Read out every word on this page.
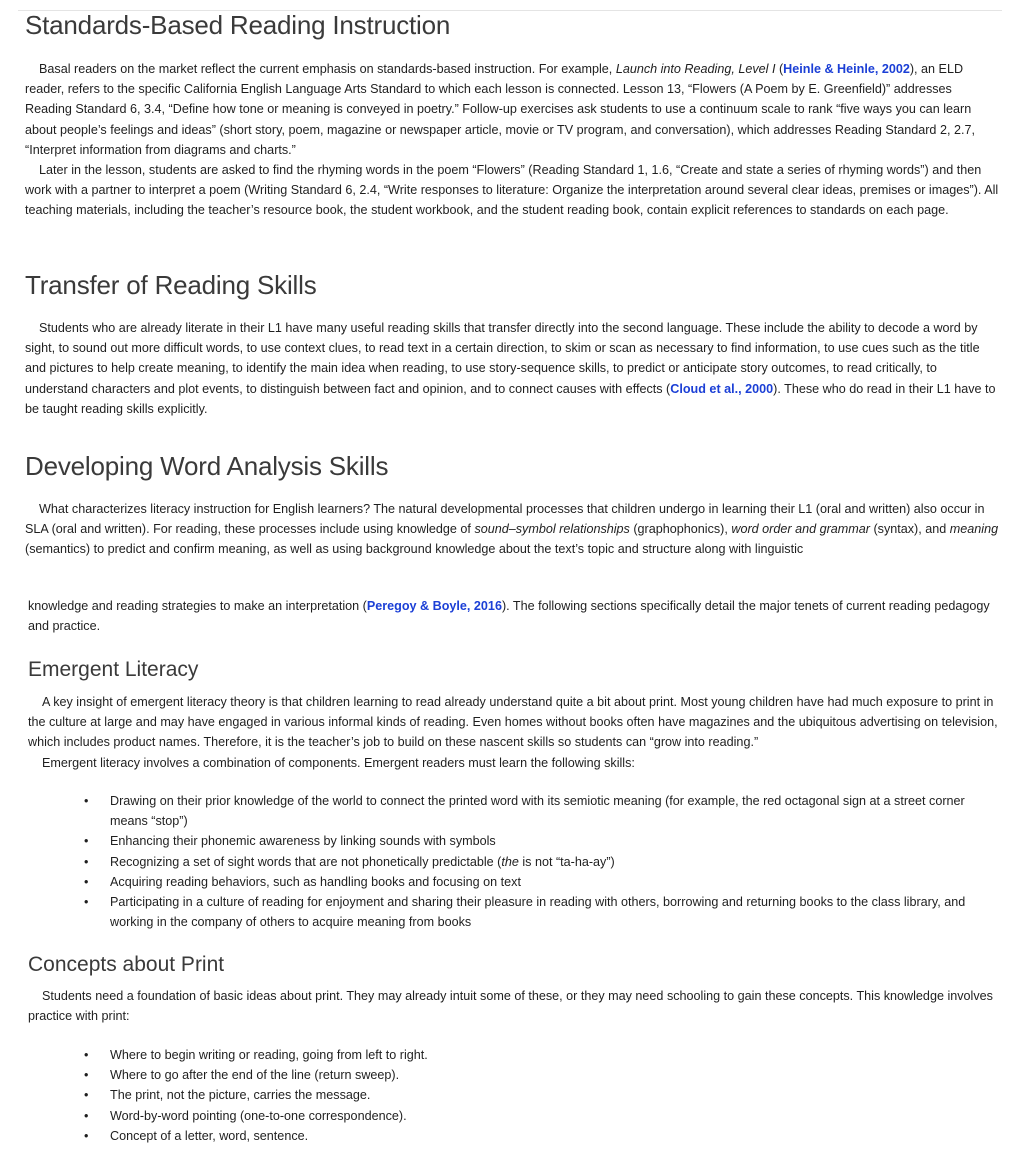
Standards-Based Reading Instruction

Basal readers on the market reflect the current emphasis on standards-based instruction. For example, Launch into Reading, Level I (Heinle & Heinle, 2002), an ELD reader, refers to the specific California English Language Arts Standard to which each lesson is connected. Lesson 13, “Flowers (A Poem by E. Greenfield)” addresses Reading Standard 6, 3.4, “Define how tone or meaning is conveyed in poetry.” Follow-up exercises ask students to use a continuum scale to rank “five ways you can learn about people’s feelings and ideas” (short story, poem, magazine or newspaper article, movie or TV program, and conversation), which addresses Reading Standard 2, 2.7, “Interpret information from diagrams and charts.”

Later in the lesson, students are asked to find the rhyming words in the poem “Flowers” (Reading Standard 1, 1.6, “Create and state a series of rhyming words”) and then work with a partner to interpret a poem (Writing Standard 6, 2.4, “Write responses to literature: Organize the interpretation around several clear ideas, premises or images”). All teaching materials, including the teacher’s resource book, the student workbook, and the student reading book, contain explicit references to standards on each page.

Transfer of Reading Skills

Students who are already literate in their L1 have many useful reading skills that transfer directly into the second language. These include the ability to decode a word by sight, to sound out more difficult words, to use context clues, to read text in a certain direction, to skim or scan as necessary to find information, to use cues such as the title and pictures to help create meaning, to identify the main idea when reading, to use story-sequence skills, to predict or anticipate story outcomes, to read critically, to understand characters and plot events, to distinguish between fact and opinion, and to connect causes with effects (Cloud et al., 2000). These who do read in their L1 have to be taught reading skills explicitly.

Developing Word Analysis Skills

What characterizes literacy instruction for English learners? The natural developmental processes that children undergo in learning their L1 (oral and written) also occur in SLA (oral and written). For reading, these processes include using knowledge of sound–symbol relationships (graphophonics), word order and grammar (syntax), and meaning (semantics) to predict and confirm meaning, as well as using background knowledge about the text’s topic and structure along with linguistic

knowledge and reading strategies to make an interpretation (Peregoy & Boyle, 2016). The following sections specifically detail the major tenets of current reading pedagogy and practice.

Emergent Literacy

A key insight of emergent literacy theory is that children learning to read already understand quite a bit about print. Most young children have had much exposure to print in the culture at large and may have engaged in various informal kinds of reading. Even homes without books often have magazines and the ubiquitous advertising on television, which includes product names. Therefore, it is the teacher’s job to build on these nascent skills so students can “grow into reading.”

Emergent literacy involves a combination of components. Emergent readers must learn the following skills:

• Drawing on their prior knowledge of the world to connect the printed word with its semiotic meaning (for example, the red octagonal sign at a street corner means “stop”)
• Enhancing their phonemic awareness by linking sounds with symbols
• Recognizing a set of sight words that are not phonetically predictable (the is not “ta-ha-ay”)
• Acquiring reading behaviors, such as handling books and focusing on text
• Participating in a culture of reading for enjoyment and sharing their pleasure in reading with others, borrowing and returning books to the class library, and working in the company of others to acquire meaning from books
Concepts about Print

Students need a foundation of basic ideas about print. They may already intuit some of these, or they may need schooling to gain these concepts. This knowledge involves practice with print:

• Where to begin writing or reading, going from left to right.
• Where to go after the end of the line (return sweep).
• The print, not the picture, carries the message.
• Word-by-word pointing (one-to-one correspondence).
• Concept of a letter, word, sentence.
